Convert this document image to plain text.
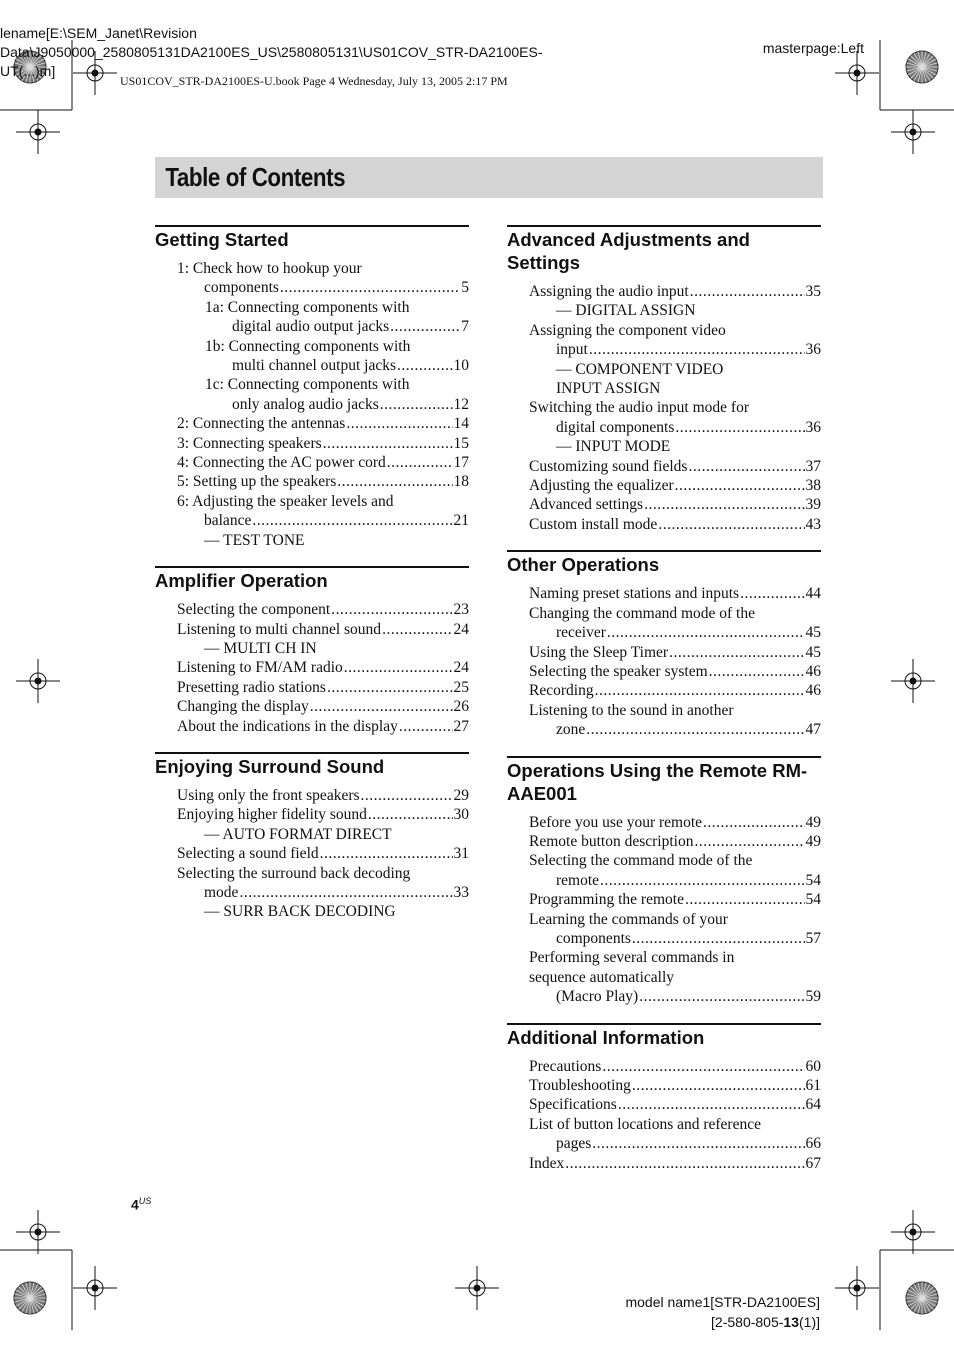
lename[E:\SEM_Janet\Revision
Data\J9050000_2580805131DA2100ES_US\2580805131\US01COV_STR-DA2100ES-
UT(...)m]
US01COV_STR-DA2100ES-U.book Page 4 Wednesday, July 13, 2005 2:17 PM
masterpage:Left
Table of Contents
Getting Started
1: Check how to hookup your
components .....	5
1a: Connecting components with
digital audio output jacks .....	7
1b: Connecting components with
multi channel output jacks .....	10
1c: Connecting components with
only analog audio jacks .....	12
2: Connecting the antennas .....	14
3: Connecting speakers .....	15
4: Connecting the AC power cord .....	17
5: Setting up the speakers .....	18
6: Adjusting the speaker levels and
balance .....	21
— TEST TONE
Amplifier Operation
Selecting the component .....	23
Listening to multi channel sound .....	24
— MULTI CH IN
Listening to FM/AM radio .....	24
Presetting radio stations .....	25
Changing the display .....	26
About the indications in the display .....	27
Enjoying Surround Sound
Using only the front speakers .....	29
Enjoying higher fidelity sound .....	30
— AUTO FORMAT DIRECT
Selecting a sound field .....	31
Selecting the surround back decoding
mode .....	33
— SURR BACK DECODING
Advanced Adjustments and Settings
Assigning the audio input .....	35
— DIGITAL ASSIGN
Assigning the component video
input .....	36
— COMPONENT VIDEO
INPUT ASSIGN
Switching the audio input mode for
digital components .....	36
— INPUT MODE
Customizing sound fields .....	37
Adjusting the equalizer .....	38
Advanced settings .....	39
Custom install mode .....	43
Other Operations
Naming preset stations and inputs .....	44
Changing the command mode of the
receiver .....	45
Using the Sleep Timer .....	45
Selecting the speaker system .....	46
Recording .....	46
Listening to the sound in another
zone .....	47
Operations Using the Remote RM-AAE001
Before you use your remote .....	49
Remote button description .....	49
Selecting the command mode of the
remote .....	54
Programming the remote .....	54
Learning the commands of your
components .....	57
Performing several commands in
sequence automatically
(Macro Play) .....	59
Additional Information
Precautions .....	60
Troubleshooting .....	61
Specifications .....	64
List of button locations and reference
pages .....	66
Index .....	67
$4^{US}$
model name1[STR-DA2100ES]
[2-580-805-13(1)]
